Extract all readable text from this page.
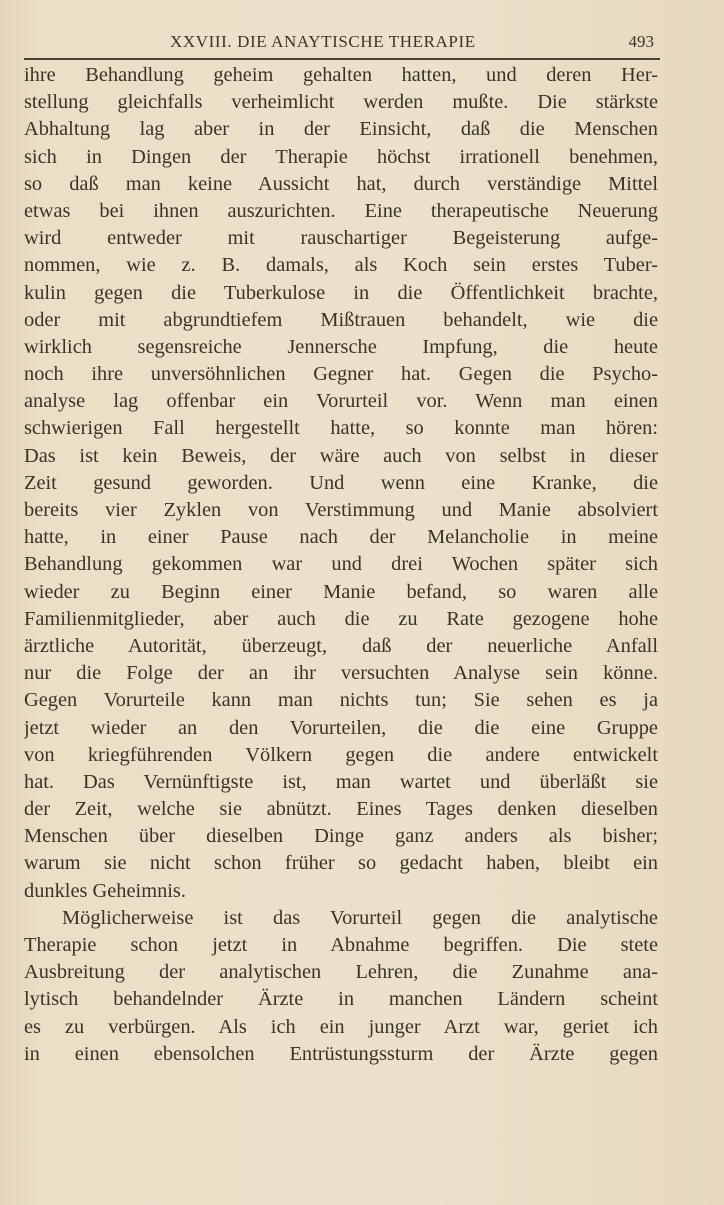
XXVIII. DIE ANAYTISCHE THERAPIE	493
ihre Behandlung geheim gehalten hatten, und deren Her-
stellung gleichfalls verheimlicht werden mußte. Die stärkste
Abhaltung lag aber in der Einsicht, daß die Menschen
sich in Dingen der Therapie höchst irrationell benehmen,
so daß man keine Aussicht hat, durch verständige Mittel
etwas bei ihnen auszurichten. Eine therapeutische Neuerung
wird entweder mit rauschartiger Begeisterung aufge-
nommen, wie z. B. damals, als Koch sein erstes Tuber-
kulin gegen die Tuberkulose in die Öffentlichkeit brachte,
oder mit abgrundtiefem Mißtrauen behandelt, wie die
wirklich segensreiche Jennersche Impfung, die heute
noch ihre unversöhnlichen Gegner hat. Gegen die Psycho-
analyse lag offenbar ein Vorurteil vor. Wenn man einen
schwierigen Fall hergestellt hatte, so konnte man hören:
Das ist kein Beweis, der wäre auch von selbst in dieser
Zeit gesund geworden. Und wenn eine Kranke, die
bereits vier Zyklen von Verstimmung und Manie absolviert
hatte, in einer Pause nach der Melancholie in meine
Behandlung gekommen war und drei Wochen später sich
wieder zu Beginn einer Manie befand, so waren alle
Familienmitglieder, aber auch die zu Rate gezogene hohe
ärztliche Autorität, überzeugt, daß der neuerliche Anfall
nur die Folge der an ihr versuchten Analyse sein könne.
Gegen Vorurteile kann man nichts tun; Sie sehen es ja
jetzt wieder an den Vorurteilen, die die eine Gruppe
von kriegführenden Völkern gegen die andere entwickelt
hat. Das Vernünftigste ist, man wartet und überläßt sie
der Zeit, welche sie abnützt. Eines Tages denken dieselben
Menschen über dieselben Dinge ganz anders als bisher;
warum sie nicht schon früher so gedacht haben, bleibt ein
dunkles Geheimnis.
Möglicherweise ist das Vorurteil gegen die analytische
Therapie schon jetzt in Abnahme begriffen. Die stete
Ausbreitung der analytischen Lehren, die Zunahme ana-
lytisch behandelnder Ärzte in manchen Ländern scheint
es zu verbürgen. Als ich ein junger Arzt war, geriet ich
in einen ebensolchen Entrüstungssturm der Ärzte gegen
